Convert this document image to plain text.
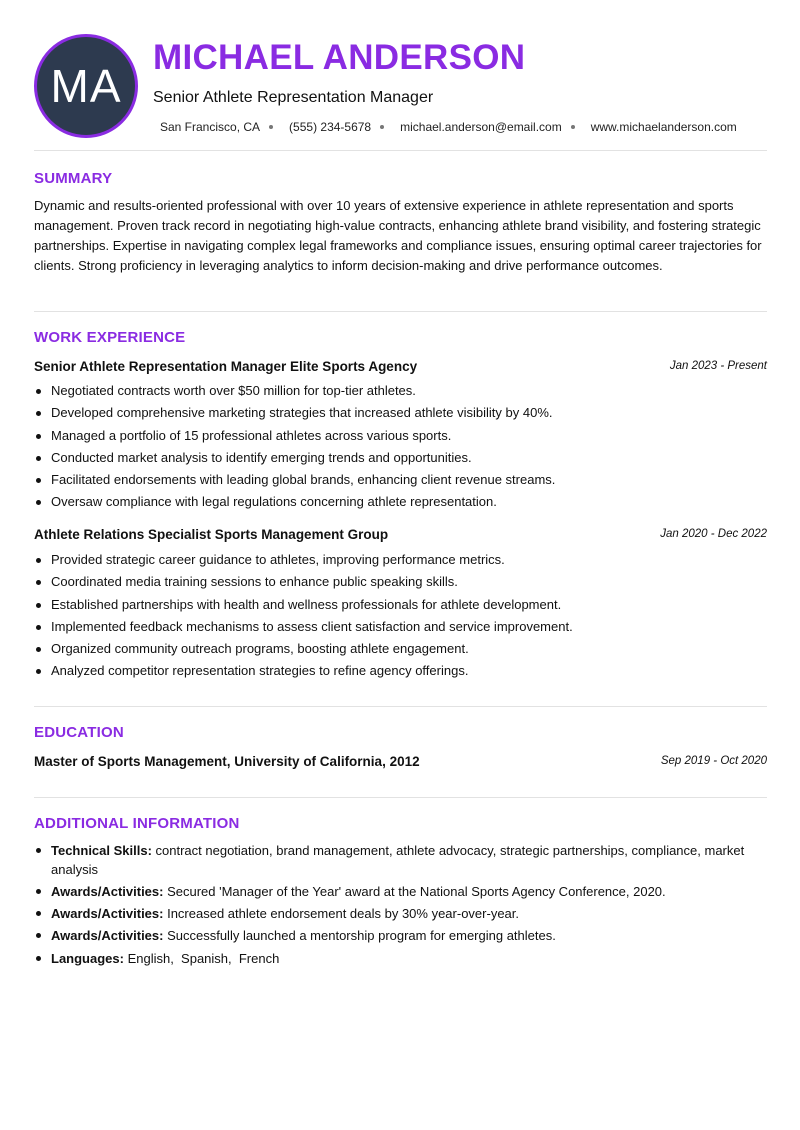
MA
MICHAEL ANDERSON
Senior Athlete Representation Manager
San Francisco, CA (555) 234-5678 michael.anderson@email.com www.michaelanderson.com
SUMMARY
Dynamic and results-oriented professional with over 10 years of extensive experience in athlete representation and sports management. Proven track record in negotiating high-value contracts, enhancing athlete brand visibility, and fostering strategic partnerships. Expertise in navigating complex legal frameworks and compliance issues, ensuring optimal career trajectories for clients. Strong proficiency in leveraging analytics to inform decision-making and drive performance outcomes.
WORK EXPERIENCE
Senior Athlete Representation Manager Elite Sports Agency	Jan 2023 - Present
Negotiated contracts worth over $50 million for top-tier athletes.
Developed comprehensive marketing strategies that increased athlete visibility by 40%.
Managed a portfolio of 15 professional athletes across various sports.
Conducted market analysis to identify emerging trends and opportunities.
Facilitated endorsements with leading global brands, enhancing client revenue streams.
Oversaw compliance with legal regulations concerning athlete representation.
Athlete Relations Specialist Sports Management Group	Jan 2020 - Dec 2022
Provided strategic career guidance to athletes, improving performance metrics.
Coordinated media training sessions to enhance public speaking skills.
Established partnerships with health and wellness professionals for athlete development.
Implemented feedback mechanisms to assess client satisfaction and service improvement.
Organized community outreach programs, boosting athlete engagement.
Analyzed competitor representation strategies to refine agency offerings.
EDUCATION
Master of Sports Management, University of California, 2012	Sep 2019 - Oct 2020
ADDITIONAL INFORMATION
Technical Skills: contract negotiation, brand management, athlete advocacy, strategic partnerships, compliance, market analysis
Awards/Activities: Secured 'Manager of the Year' award at the National Sports Agency Conference, 2020.
Awards/Activities: Increased athlete endorsement deals by 30% year-over-year.
Awards/Activities: Successfully launched a mentorship program for emerging athletes.
Languages: English,  Spanish,  French
